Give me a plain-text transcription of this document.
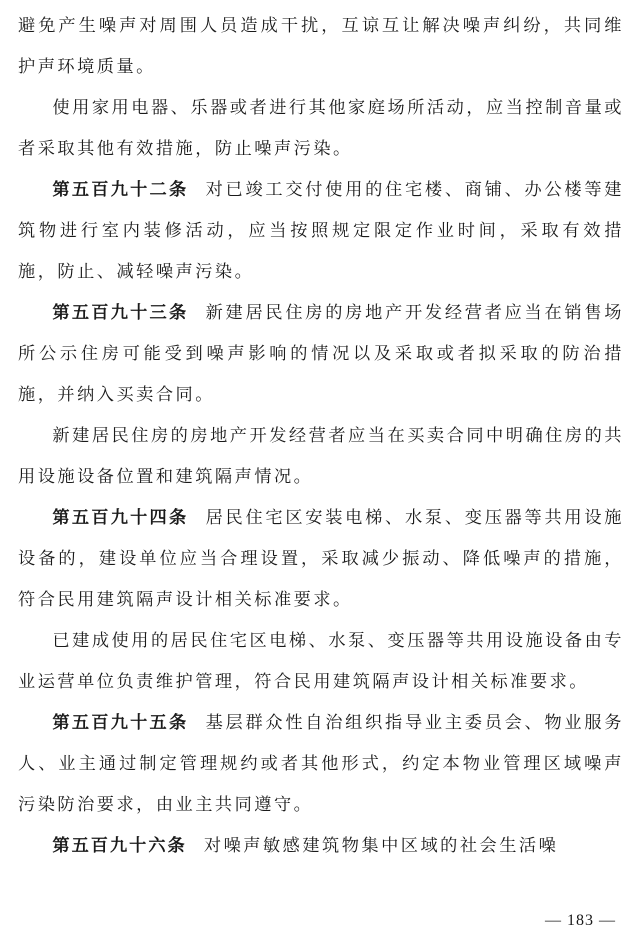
避免产生噪声对周围人员造成干扰，互谅互让解决噪声纠纷，共同维护声环境质量。

使用家用电器、乐器或者进行其他家庭场所活动，应当控制音量或者采取其他有效措施，防止噪声污染。

第五百九十二条 对已竣工交付使用的住宅楼、商铺、办公楼等建筑物进行室内装修活动，应当按照规定限定作业时间，采取有效措施，防止、减轻噪声污染。

第五百九十三条 新建居民住房的房地产开发经营者应当在销售场所公示住房可能受到噪声影响的情况以及采取或者拟采取的防治措施，并纳入买卖合同。

新建居民住房的房地产开发经营者应当在买卖合同中明确住房的共用设施设备位置和建筑隔声情况。

第五百九十四条 居民住宅区安装电梯、水泵、变压器等共用设施设备的，建设单位应当合理设置，采取减少振动、降低噪声的措施，符合民用建筑隔声设计相关标准要求。

已建成使用的居民住宅区电梯、水泵、变压器等共用设施设备由专业运营单位负责维护管理，符合民用建筑隔声设计相关标准要求。

第五百九十五条 基层群众性自治组织指导业主委员会、物业服务人、业主通过制定管理规约或者其他形式，约定本物业管理区域噪声污染防治要求，由业主共同遵守。

第五百九十六条 对噪声敏感建筑物集中区域的社会生活噪

— 183 —
